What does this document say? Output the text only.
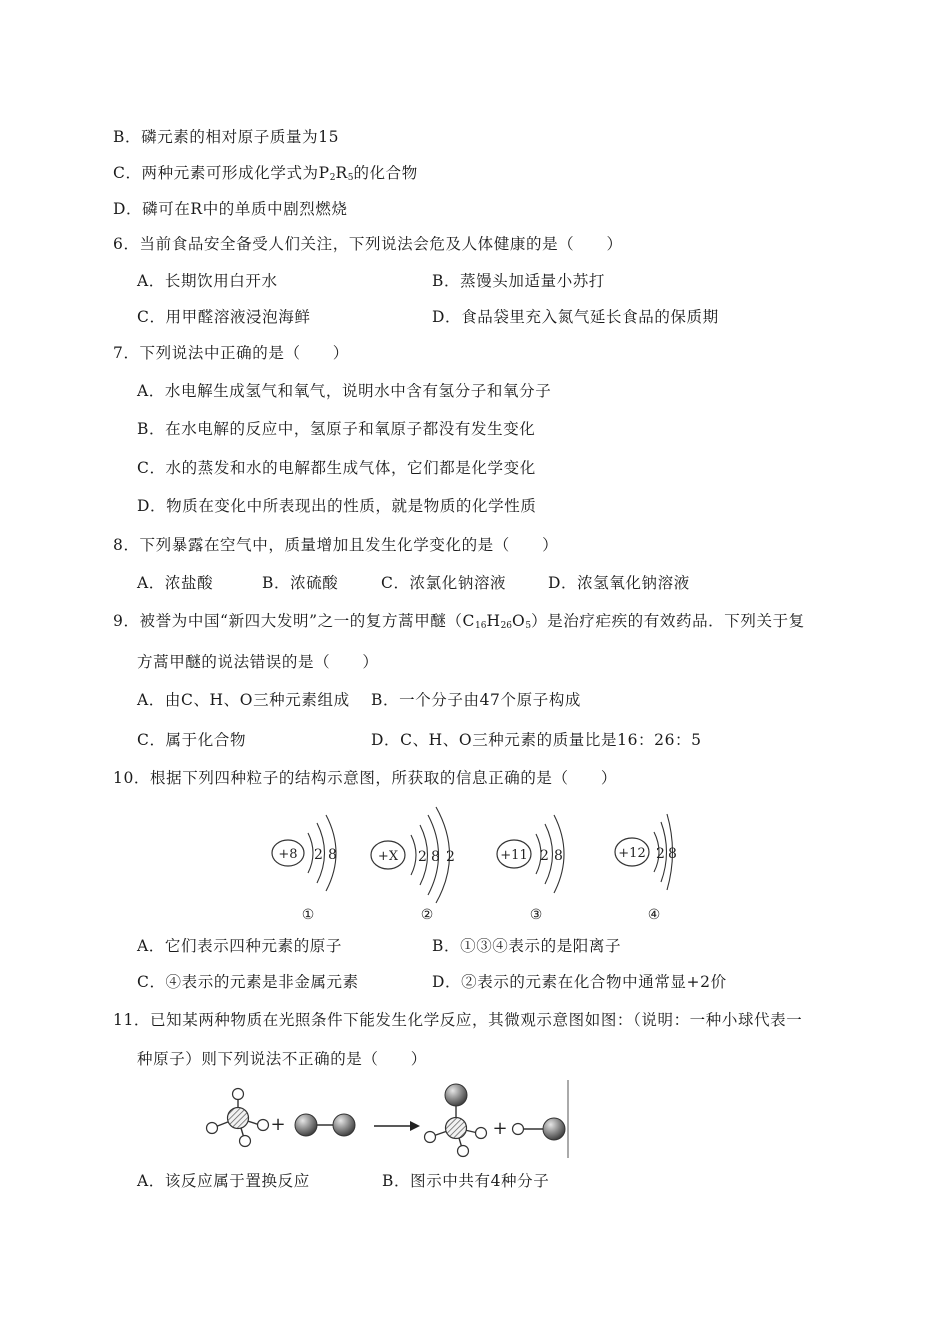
B．磷元素的相对原子质量为15
C．两种元素可形成化学式为$P_2R_5$的化合物
D．磷可在R中的单质中剧烈燃烧
6．当前食品安全备受人们关注，下列说法会危及人体健康的是（　　）
A．长期饮用白开水	B．蒸馒头加适量小苏打
C．用甲醛溶液浸泡海鲜	D．食品袋里充入氮气延长食品的保质期
7．下列说法中正确的是（　　）
A．水电解生成氢气和氧气，说明水中含有氢分子和氧分子
B．在水电解的反应中，氢原子和氧原子都没有发生变化
C．水的蒸发和水的电解都生成气体，它们都是化学变化
D．物质在变化中所表现出的性质，就是物质的化学性质
8．下列暴露在空气中，质量增加且发生化学变化的是（　　）
A．浓盐酸	B．浓硫酸	C．浓氯化钠溶液	D．浓氢氧化钠溶液
9．被誉为中国“新四大发明”之一的复方蒿甲醚$(C_{16}H_{26}O_5)$是治疗疟疾的有效药品．下列关于复
方蒿甲醚的说法错误的是（　　）
A．由C、H、O三种元素组成 B．一个分子由47个原子构成
C．属于化合物	D．C、H、O三种元素的质量比是16：26：5
10．根据下列四种粒子的结构示意图，所获取的信息正确的是（　　）
+8 2 8
①
+X 2 8 2
②
+11 2 8
③
+12 2 8
④
A．它们表示四种元素的原子	B．①③④表示的是阳离子
C．④表示的元素是非金属元素	D．②表示的元素在化合物中通常显+2价
11．已知某两种物质在光照条件下能发生化学反应，其微观示意图如图：（说明：一种小球代表一
种原子）则下列说法不正确的是（　　）
+	+
A．该反应属于置换反应	B．图示中共有4种分子
